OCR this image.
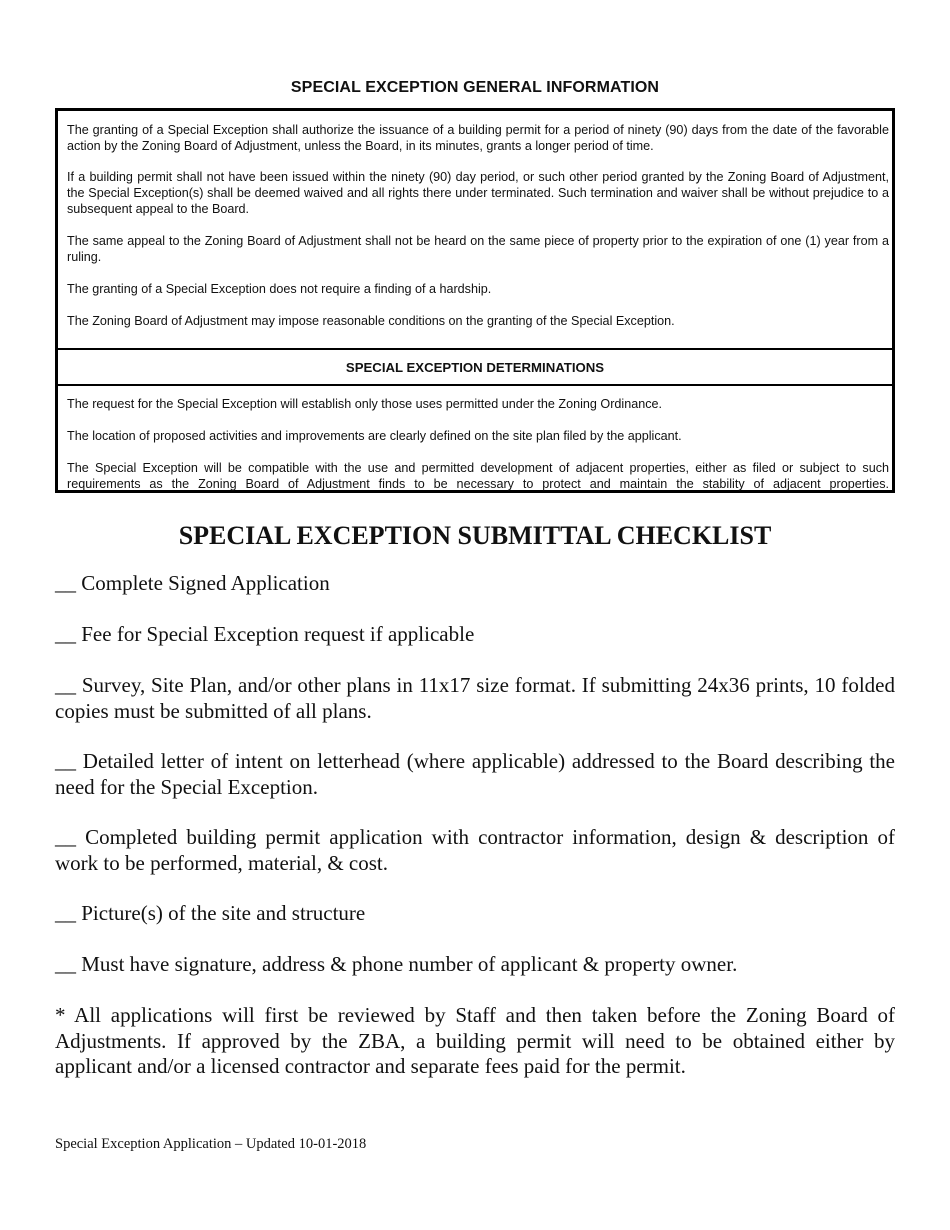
SPECIAL EXCEPTION GENERAL INFORMATION
The granting of a Special Exception shall authorize the issuance of a building permit for a period of ninety (90) days from the date of the favorable action by the Zoning Board of Adjustment, unless the Board, in its minutes, grants a longer period of time.
If a building permit shall not have been issued within the ninety (90) day period, or such other period granted by the Zoning Board of Adjustment, the Special Exception(s) shall be deemed waived and all rights there under terminated. Such termination and waiver shall be without prejudice to a subsequent appeal to the Board.
The same appeal to the Zoning Board of Adjustment shall not be heard on the same piece of property prior to the expiration of one (1) year from a ruling.
The granting of a Special Exception does not require a finding of a hardship.
The Zoning Board of Adjustment may impose reasonable conditions on the granting of the Special Exception.
SPECIAL EXCEPTION DETERMINATIONS
The request for the Special Exception will establish only those uses permitted under the Zoning Ordinance.
The location of proposed activities and improvements are clearly defined on the site plan filed by the applicant.
The Special Exception will be compatible with the use and permitted development of adjacent properties, either as filed or subject to such requirements as the Zoning Board of Adjustment finds to be necessary to protect and maintain the stability of adjacent properties.
SPECIAL EXCEPTION SUBMITTAL CHECKLIST
__ Complete Signed Application
__ Fee for Special Exception request if applicable
__ Survey, Site Plan, and/or other plans in 11x17 size format. If submitting 24x36 prints, 10 folded copies must be submitted of all plans.
__ Detailed letter of intent on letterhead (where applicable) addressed to the Board describing the need for the Special Exception.
__ Completed building permit application with contractor information, design & description of work to be performed, material, & cost.
__ Picture(s) of the site and structure
__ Must have signature, address & phone number of applicant & property owner.
* All applications will first be reviewed by Staff and then taken before the Zoning Board of Adjustments. If approved by the ZBA, a building permit will need to be obtained either by applicant and/or a licensed contractor and separate fees paid for the permit.
Special Exception Application – Updated 10-01-2018
